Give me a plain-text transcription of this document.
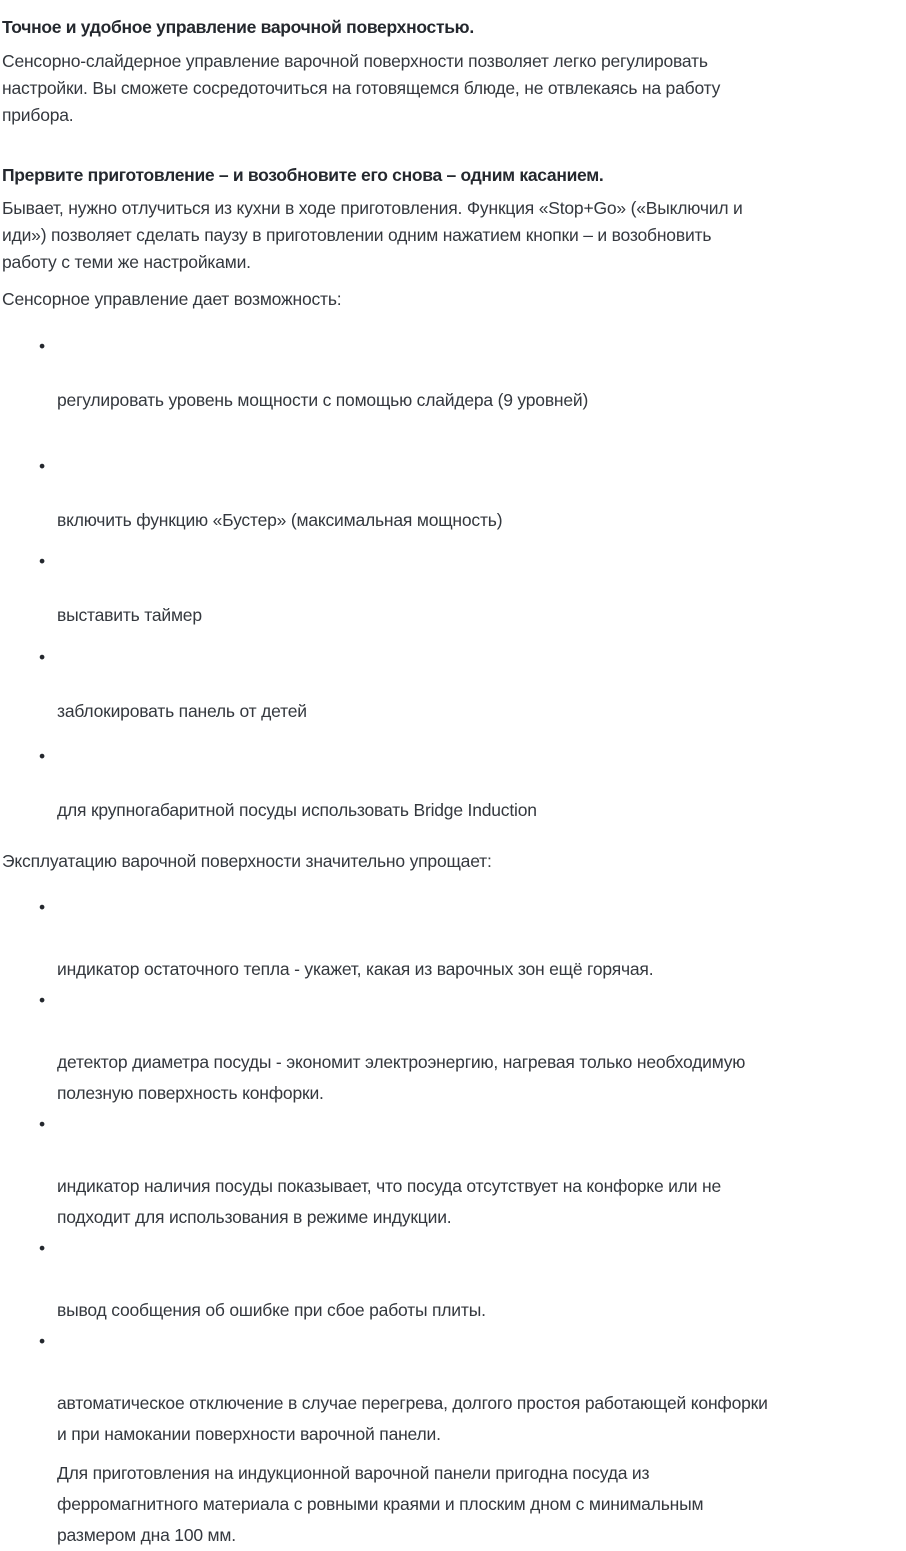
Точное и удобное управление варочной поверхностью.

Сенсорно-слайдерное управление варочной поверхности позволяет легко регулировать
настройки. Вы сможете сосредоточиться на готовящемся блюде, не отвлекаясь на работу
прибора.

Прервите приготовление – и возобновите его снова – одним касанием.

Бывает, нужно отлучиться из кухни в ходе приготовления. Функция «Stop+Go» («Выключил и
иди») позволяет сделать паузу в приготовлении одним нажатием кнопки – и возобновить
работу с теми же настройками.

Сенсорное управление дает возможность:

•

регулировать уровень мощности с помощью слайдера (9 уровней)

•

включить функцию «Бустер» (максимальная мощность)

•

выставить таймер

•

заблокировать панель от детей

•

для крупногабаритной посуды использовать Bridge Induction

Эксплуатацию варочной поверхности значительно упрощает:

•

индикатор остаточного тепла - укажет, какая из варочных зон ещё горячая.

•

детектор диаметра посуды - экономит электроэнергию, нагревая только необходимую
полезную поверхность конфорки.

•

индикатор наличия посуды показывает, что посуда отсутствует на конфорке или не
подходит для использования в режиме индукции.

•

вывод сообщения об ошибке при сбое работы плиты.

•

автоматическое отключение в случае перегрева, долгого простоя работающей конфорки
и при намокании поверхности варочной панели.

Для приготовления на индукционной варочной панели пригодна посуда из
ферромагнитного материала с ровными краями и плоским дном с минимальным
размером дна 100 мм.
